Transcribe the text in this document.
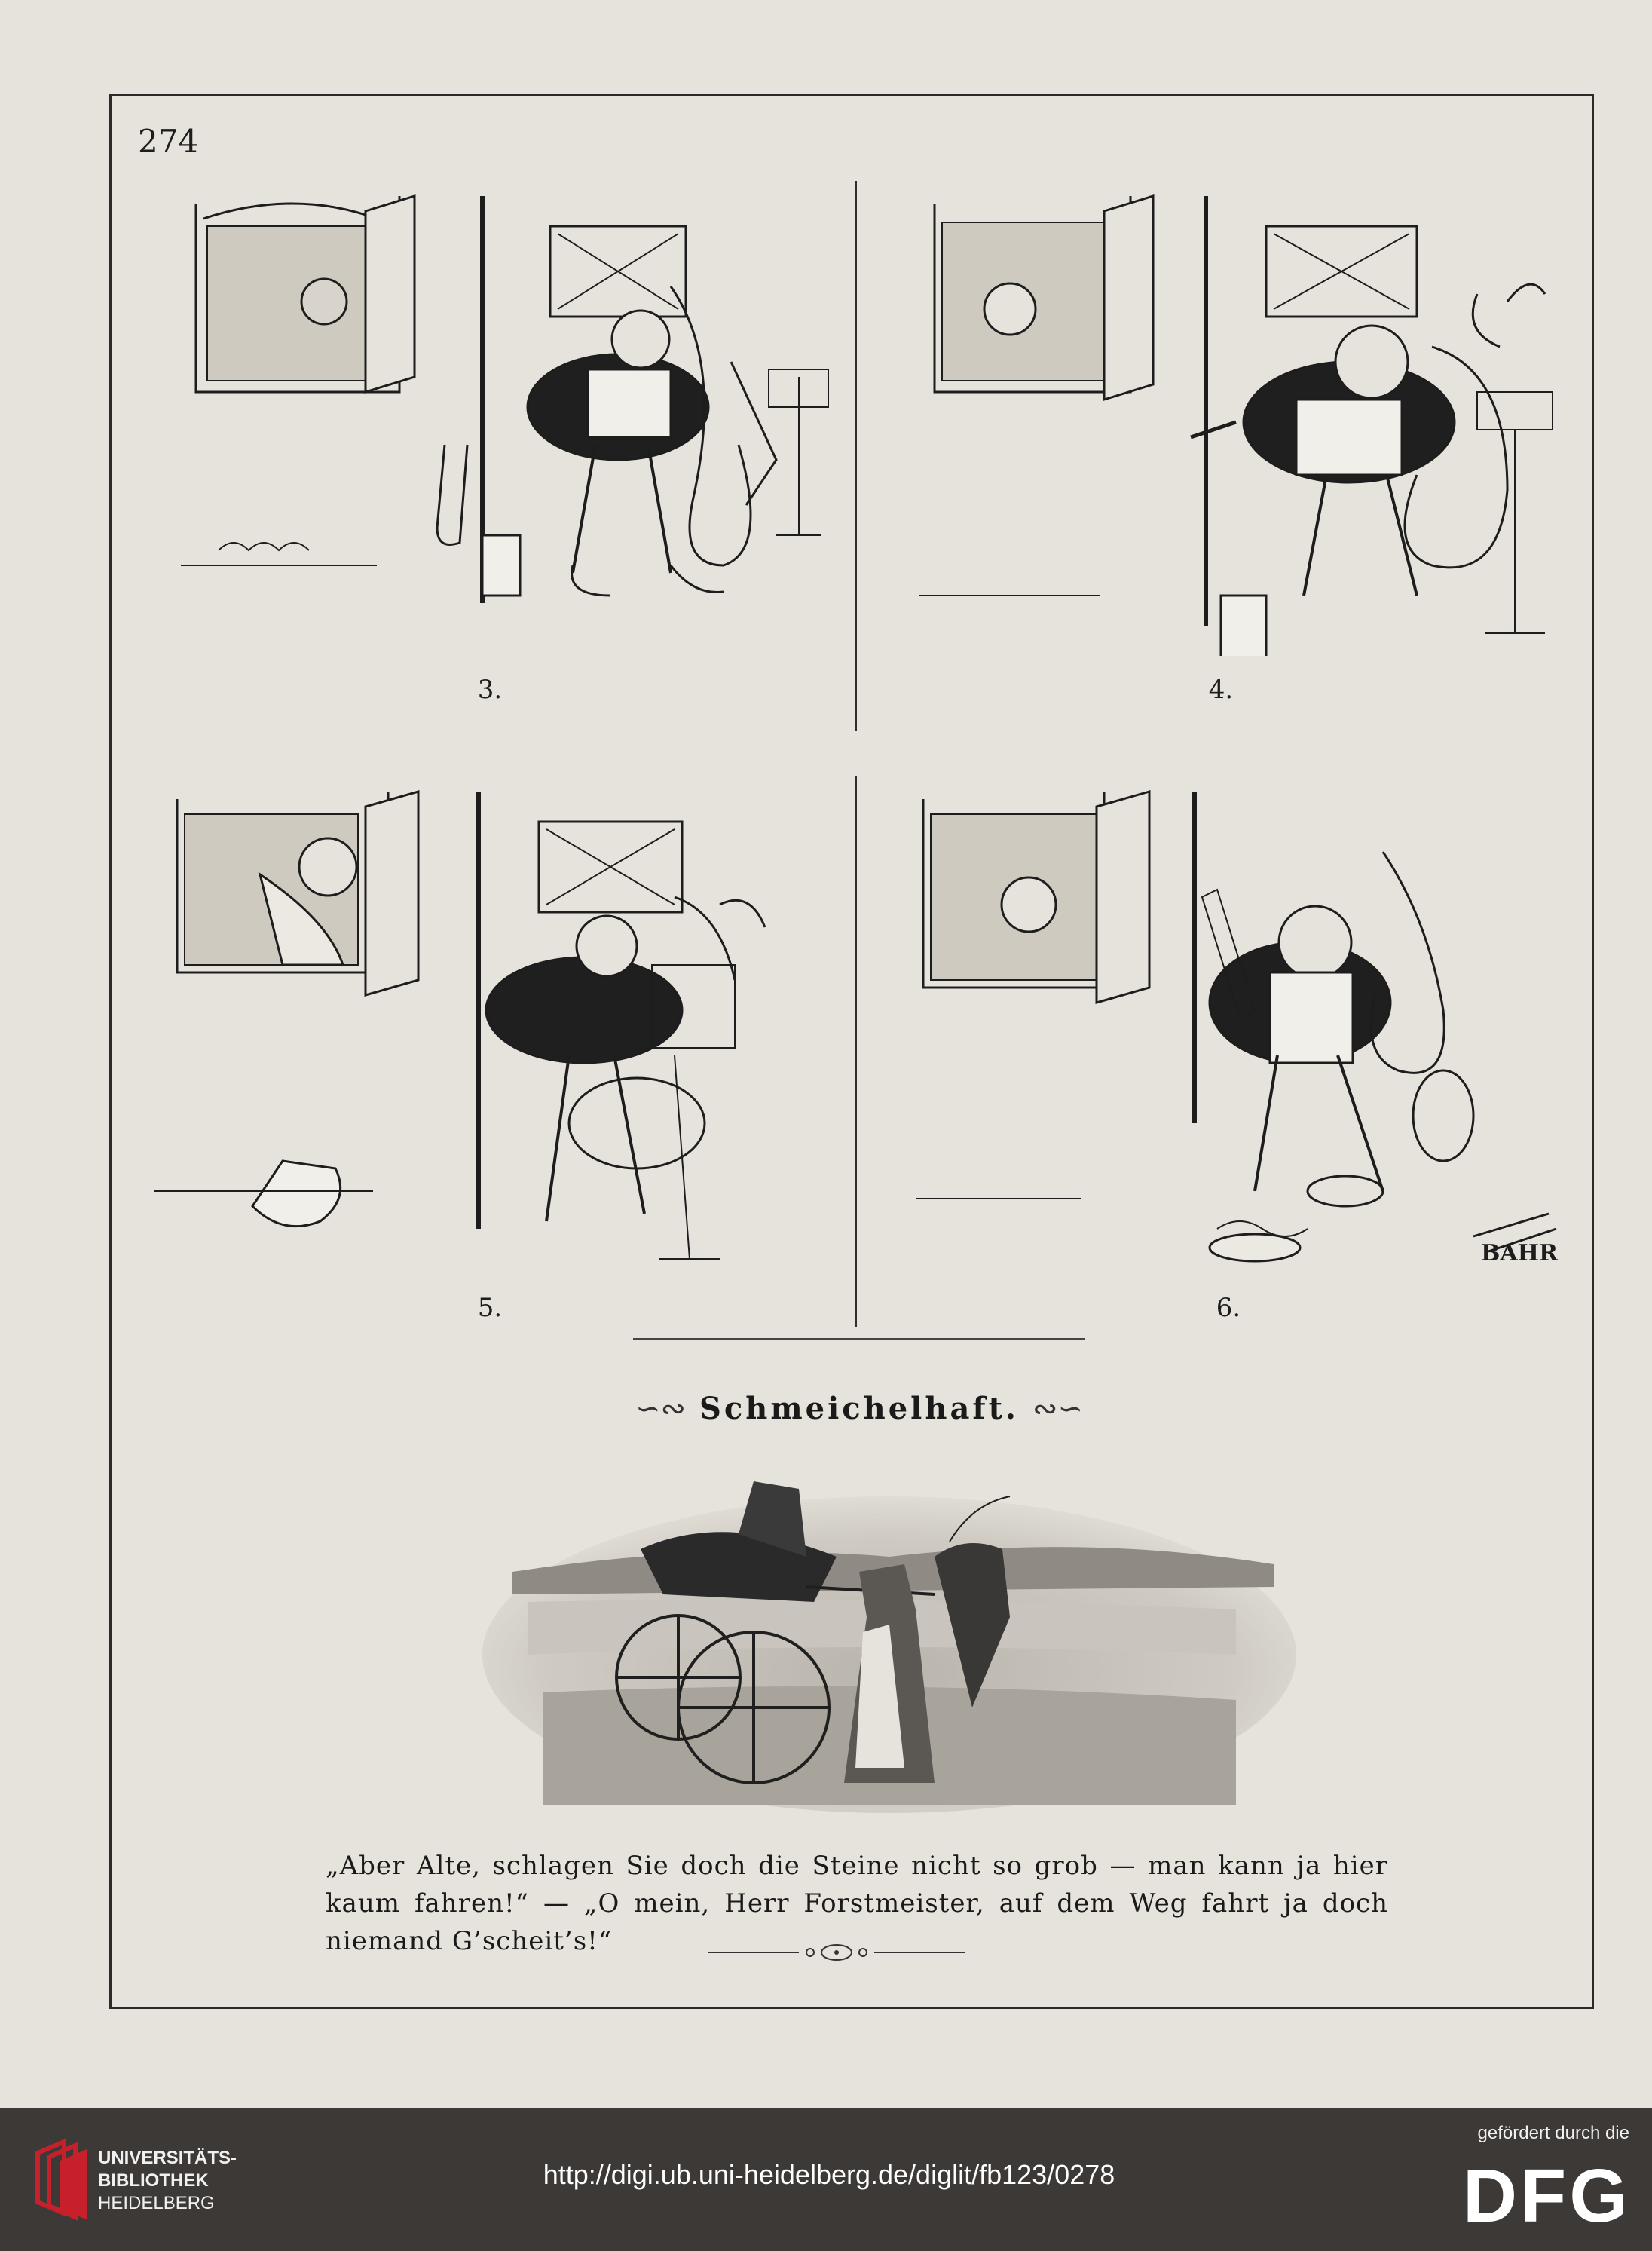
274
3.	4.
5.
BAHR
6.
∽∾ Schmeichelhaft. ∾∽
„Aber Alte, schlagen Sie doch die Steine nicht so grob — man kann ja hier kaum fahren!“ — „O mein, Herr Forstmeister, auf dem Weg fahrt ja doch niemand G’scheit’s!“
UNIVERSITÄTS-
BIBLIOTHEK
HEIDELBERG
http://digi.ub.uni-heidelberg.de/diglit/fb123/0278
gefördert durch die
DFG
